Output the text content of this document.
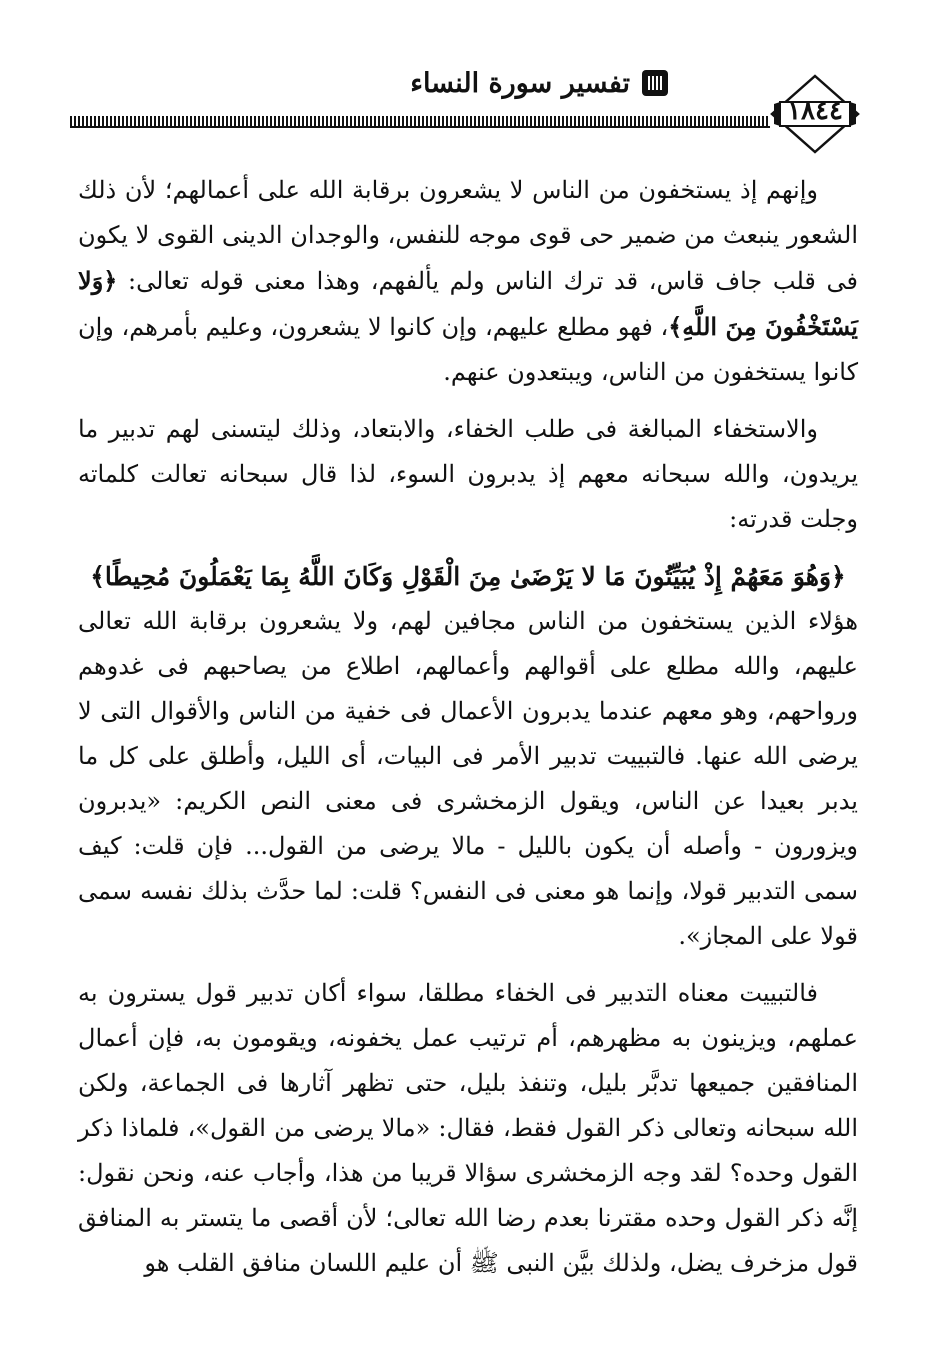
تفسير سورة النساء
١٨٤٤

وإنهم إذ يستخفون من الناس لا يشعرون برقابة الله على أعمالهم؛ لأن ذلك الشعور ينبعث من ضمير حى قوى موجه للنفس، والوجدان الدينى القوى لا يكون فى قلب جاف قاس، قد ترك الناس ولم يألفهم، وهذا معنى قوله تعالى: ﴿وَلا يَسْتَخْفُونَ مِنَ اللَّهِ﴾، فهو مطلع عليهم، وإن كانوا لا يشعرون، وعليم بأمرهم، وإن كانوا يستخفون من الناس، ويبتعدون عنهم.

والاستخفاء المبالغة فى طلب الخفاء، والابتعاد، وذلك ليتسنى لهم تدبير ما يريدون، والله سبحانه معهم إذ يدبرون السوء، لذا قال سبحانه تعالت كلماته وجلت قدرته:

﴿وَهُوَ مَعَهُمْ إِذْ يُبَيِّتُونَ مَا لا يَرْضَىٰ مِنَ الْقَوْلِ وَكَانَ اللَّهُ بِمَا يَعْمَلُونَ مُحِيطًا﴾

هؤلاء الذين يستخفون من الناس مجافين لهم، ولا يشعرون برقابة الله تعالى عليهم، والله مطلع على أقوالهم وأعمالهم، اطلاع من يصاحبهم فى غدوهم ورواحهم، وهو معهم عندما يدبرون الأعمال فى خفية من الناس والأقوال التى لا يرضى الله عنها. فالتبييت تدبير الأمر فى البيات، أى الليل، وأطلق على كل ما يدبر بعيدا عن الناس، ويقول الزمخشرى فى معنى النص الكريم: «يدبرون ويزورون - وأصله أن يكون بالليل - مالا يرضى من القول... فإن قلت: كيف سمى التدبير قولا، وإنما هو معنى فى النفس؟ قلت: لما حدَّث بذلك نفسه سمى قولا على المجاز».

فالتبييت معناه التدبير فى الخفاء مطلقا، سواء أكان تدبير قول يسترون به عملهم، ويزينون به مظهرهم، أم ترتيب عمل يخفونه، ويقومون به، فإن أعمال المنافقين جميعها تدبَّر بليل، وتنفذ بليل، حتى تظهر آثارها فى الجماعة، ولكن الله سبحانه وتعالى ذكر القول فقط، فقال: «مالا يرضى من القول»، فلماذا ذكر القول وحده؟ لقد وجه الزمخشرى سؤالا قريبا من هذا، وأجاب عنه، ونحن نقول: إنَّه ذكر القول وحده مقترنا بعدم رضا الله تعالى؛ لأن أقصى ما يتستر به المنافق قول مزخرف يضل، ولذلك بيَّن النبى ﷺ أن عليم اللسان منافق القلب هو
